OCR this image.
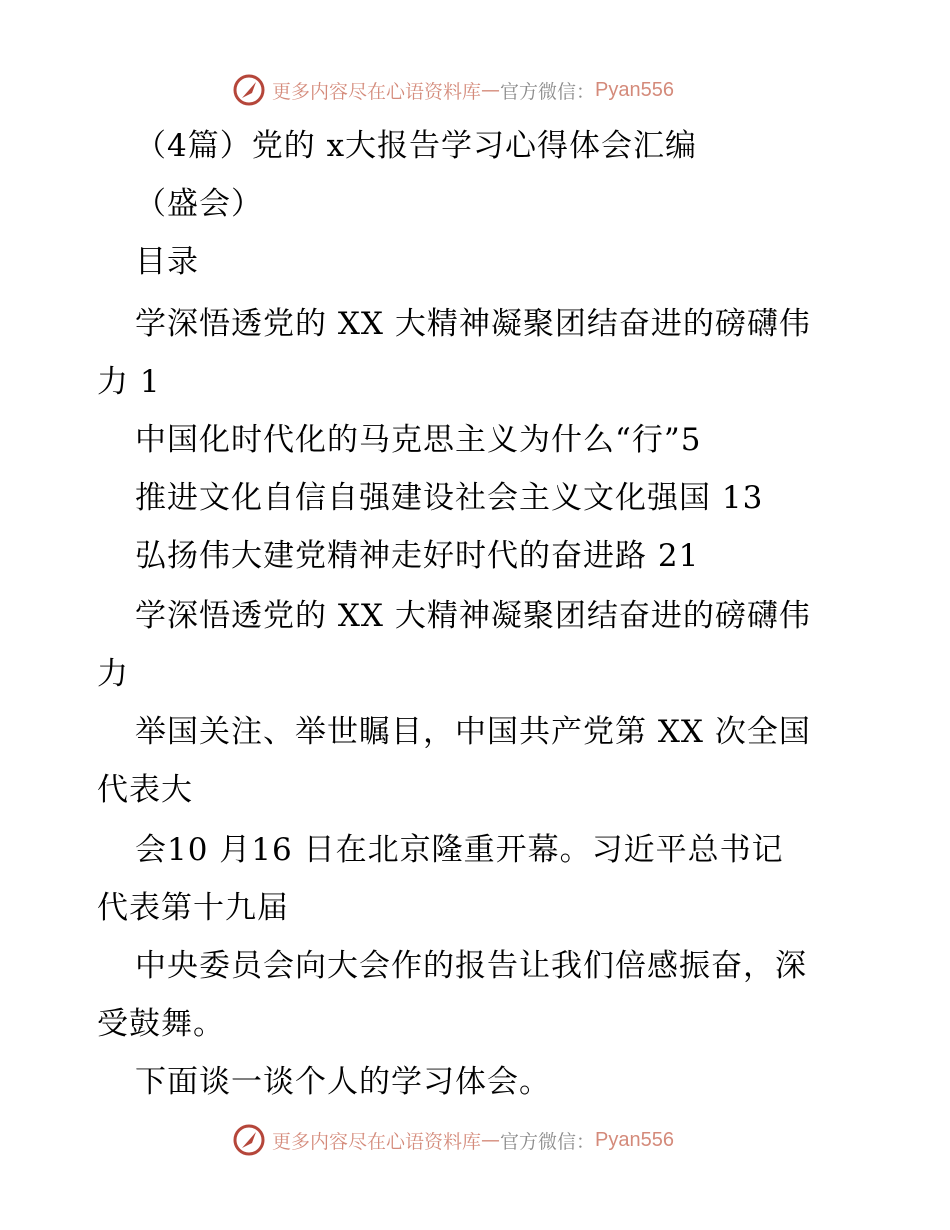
更多内容尽在心语资料库 — 官方微信： Pyan556
（4篇）党的 x大报告学习心得体会汇编
（盛会）
目录
学深悟透党的 XX 大精神凝聚团结奋进的磅礴伟
力 1
中国化时代化的马克思主义为什么“行”5
推进文化自信自强建设社会主义文化强国 13
弘扬伟大建党精神走好时代的奋进路 21
学深悟透党的 XX 大精神凝聚团结奋进的磅礴伟
力
举国关注、举世瞩目，中国共产党第 XX 次全国
代表大
会10 月16 日在北京隆重开幕。习近平总书记
代表第十九届
中央委员会向大会作的报告让我们倍感振奋，深
受鼓舞。
下面谈一谈个人的学习体会。
更多内容尽在心语资料库 — 官方微信： Pyan556
